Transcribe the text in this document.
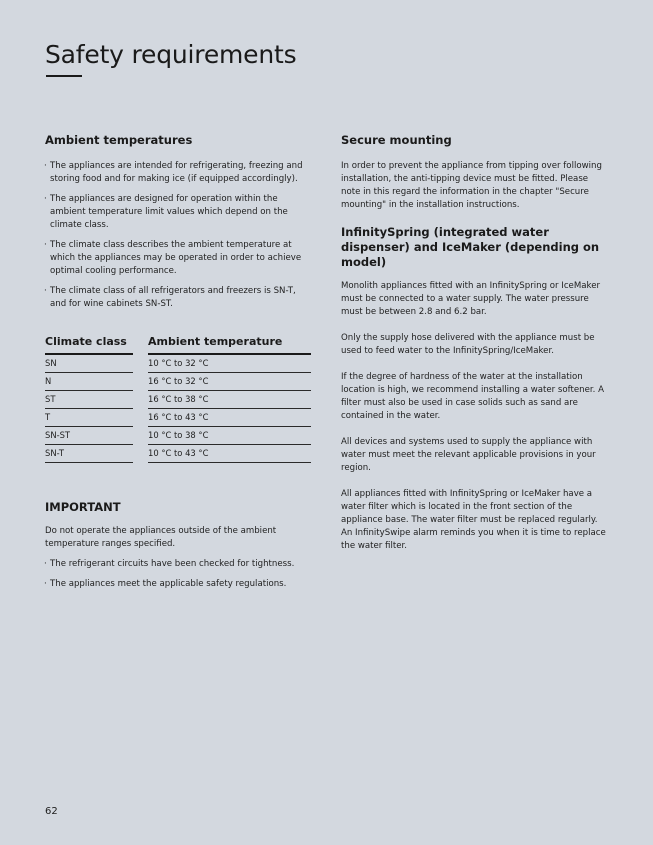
Safety requirements
Ambient temperatures
· The appliances are intended for refrigerating, freezing and storing food and for making ice (if equipped accordingly).
· The appliances are designed for operation within the ambient temperature limit values which depend on the climate class.
· The climate class describes the ambient temperature at which the appliances may be operated in order to achieve optimal cooling performance.
· The climate class of all refrigerators and freezers is SN-T, and for wine cabinets SN-ST.
Climate class	Ambient temperature
SN	10 °C to 32 °C
N	16 °C to 32 °C
ST	16 °C to 38 °C
T	16 °C to 43 °C
SN-ST	10 °C to 38 °C
SN-T	10 °C to 43 °C
IMPORTANT

Do not operate the appliances outside of the ambient temperature ranges specified.

· The refrigerant circuits have been checked for tightness.
· The appliances meet the applicable safety regulations.
Secure mounting

In order to prevent the appliance from tipping over following installation, the anti-tipping device must be fitted. Please note in this regard the information in the chapter "Secure mounting" in the installation instructions.

InfinitySpring (integrated water dispenser) and IceMaker (depending on model)

Monolith appliances fitted with an InfinitySpring or IceMaker must be connected to a water supply. The water pressure must be between 2.8 and 6.2 bar.

Only the supply hose delivered with the appliance must be used to feed water to the InfinitySpring/IceMaker.

If the degree of hardness of the water at the installation location is high, we recommend installing a water softener. A filter must also be used in case solids such as sand are contained in the water.

All devices and systems used to supply the appliance with water must meet the relevant applicable provisions in your region.

All appliances fitted with InfinitySpring or IceMaker have a water filter which is located in the front section of the appliance base. The water filter must be replaced regularly. An InfinitySwipe alarm reminds you when it is time to replace the water filter.

62
